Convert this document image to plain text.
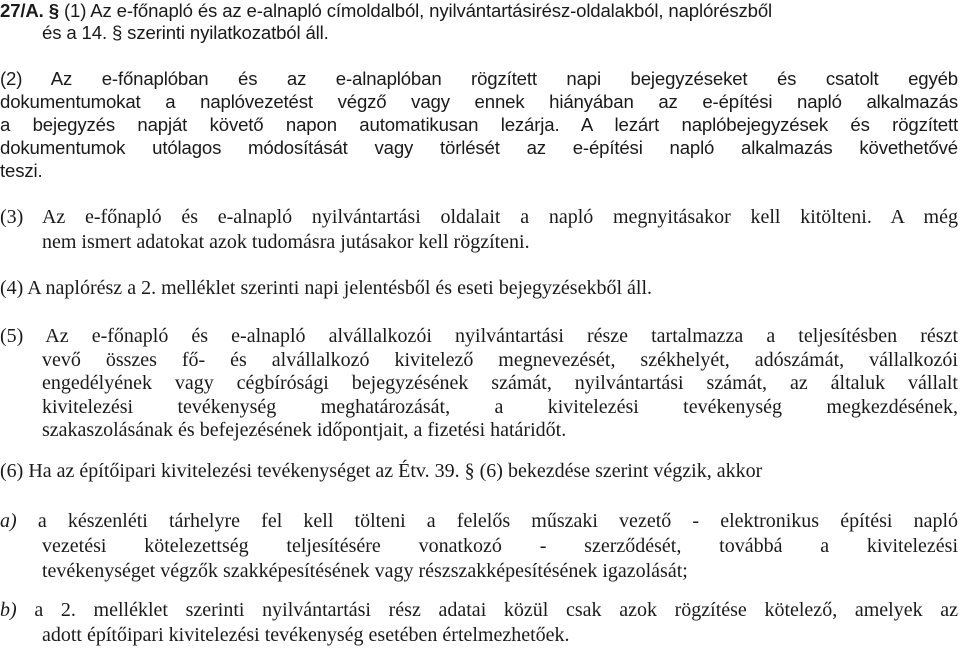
27/A. § (1) Az e-főnapló és az e-alnapló címoldalból, nyilvántartásirész-oldalakból, naplórészből
és a 14. § szerinti nyilatkozatból áll.
(2) Az e-főnaplóban és az e-alnaplóban rögzített napi bejegyzéseket és csatolt egyéb
dokumentumokat a naplóvezetést végző vagy ennek hiányában az e-építési napló alkalmazás
a bejegyzés napját követő napon automatikusan lezárja. A lezárt naplóbejegyzések és rögzített
dokumentumok utólagos módosítását vagy törlését az e-építési napló alkalmazás követhetővé
teszi.
(3) Az e-főnapló és e-alnapló nyilvántartási oldalait a napló megnyitásakor kell kitölteni. A még
nem ismert adatokat azok tudomásra jutásakor kell rögzíteni.
(4) A naplórész a 2. melléklet szerinti napi jelentésből és eseti bejegyzésekből áll.
(5) Az e-főnapló és e-alnapló alvállalkozói nyilvántartási része tartalmazza a teljesítésben részt
vevő összes fő- és alvállalkozó kivitelező megnevezését, székhelyét, adószámát, vállalkozói
engedélyének vagy cégbírósági bejegyzésének számát, nyilvántartási számát, az általuk vállalt
kivitelezési tevékenység meghatározását, a kivitelezési tevékenység megkezdésének,
szakaszolásának és befejezésének időpontjait, a fizetési határidőt.
(6) Ha az építőipari kivitelezési tevékenységet az Étv. 39. § (6) bekezdése szerint végzik, akkor
a) a készenléti tárhelyre fel kell tölteni a felelős műszaki vezető - elektronikus építési napló
vezetési kötelezettség teljesítésére vonatkozó - szerződését, továbbá a kivitelezési
tevékenységet végzők szakképesítésének vagy részszakképesítésének igazolását;
b) a 2. melléklet szerinti nyilvántartási rész adatai közül csak azok rögzítése kötelező, amelyek az
adott építőipari kivitelezési tevékenység esetében értelmezhetőek.
